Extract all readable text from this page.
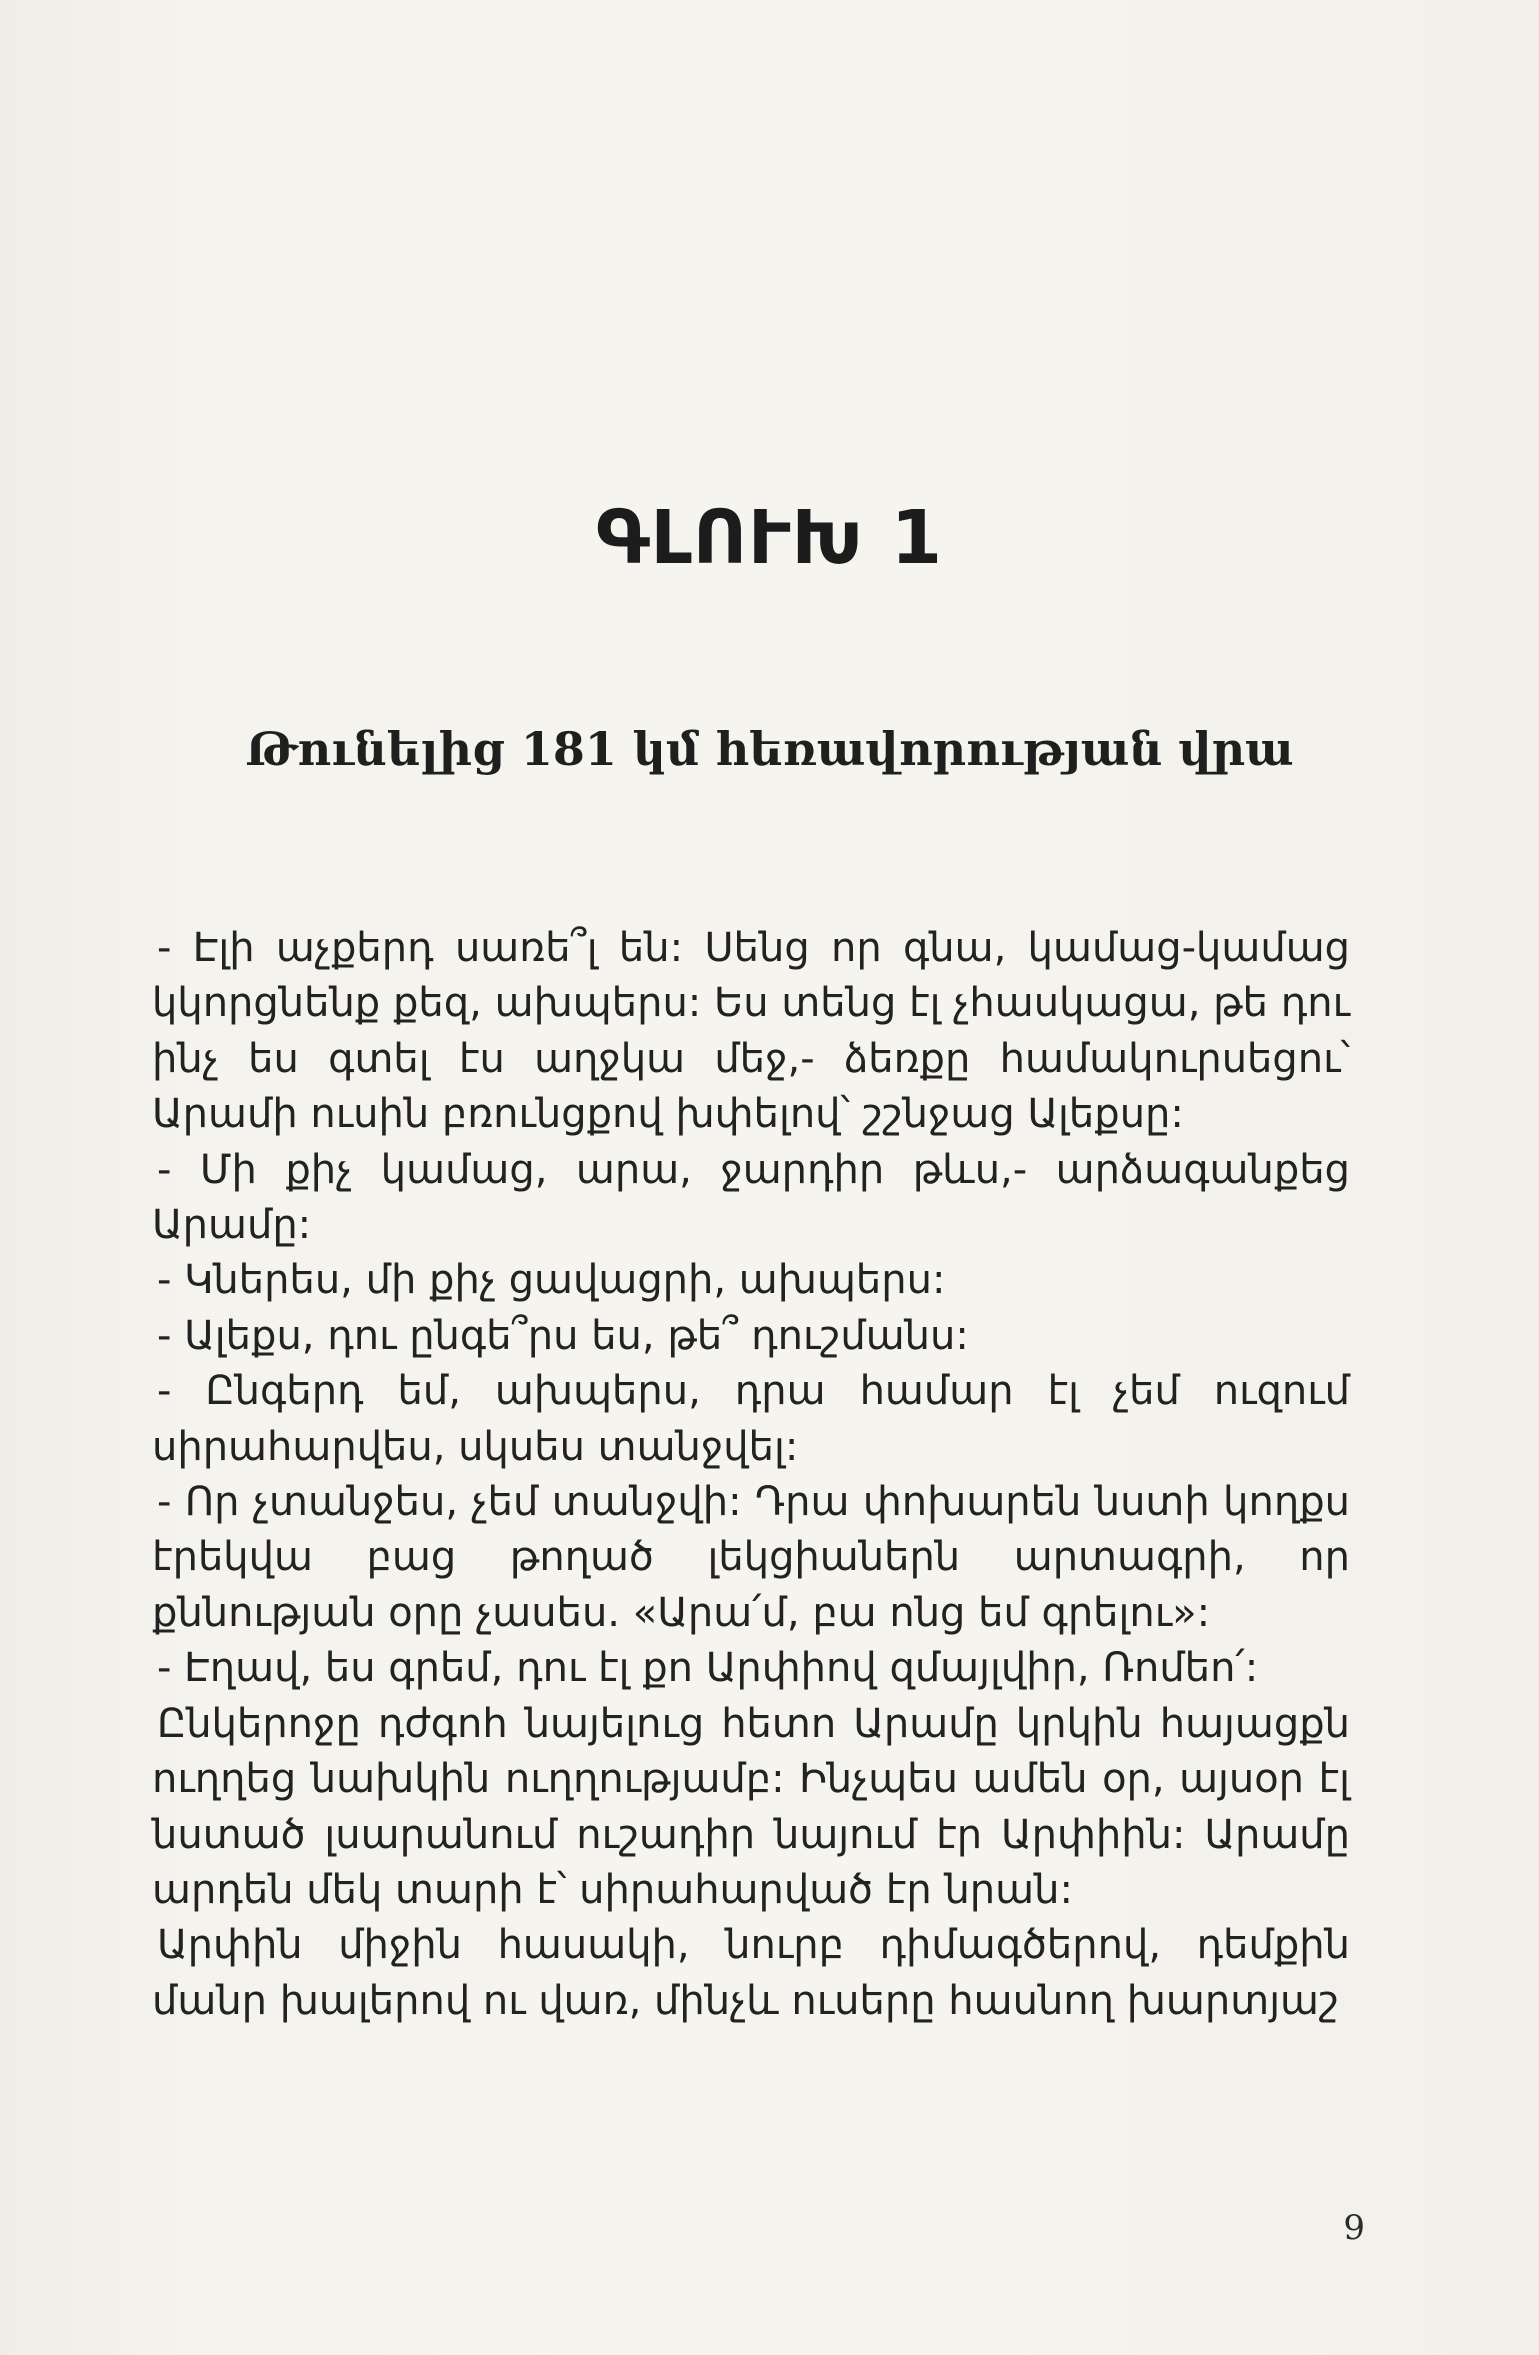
ԳԼՈՒԽ 1
Թունելից 181 կմ հեռավորության վրա

- Էլի աչքերդ սառե՞լ են: Սենց որ գնա, կամաց-կամաց կկորցնենք քեզ, ախպերս: Ես տենց էլ չհասկացա, թե դու ինչ ես գտել էս աղջկա մեջ,- ձեռքը համակուրսեցու՝ Արամի ուսին բռունցքով խփելով՝ շշնջաց Ալեքսը:

- Մի քիչ կամաց, արա, ջարդիր թևս,- արձագանքեց Արամը:

- Կներես, մի քիչ ցավացրի, ախպերս:

- Ալեքս, դու ընգե՞րս ես, թե՞ դուշմանս:

- Ընգերդ եմ, ախպերս, դրա համար էլ չեմ ուզում սիրահարվես, սկսես տանջվել:

- Որ չտանջես, չեմ տանջվի: Դրա փոխարեն նստի կողքս էրեկվա բաց թողած լեկցիաներն արտագրի, որ քննության օրը չասես. «Արա՛մ, բա ոնց եմ գրելու»:

- Էղավ, ես գրեմ, դու էլ քո Արփիով զմայլվիր, Ռոմեո՛:

Ընկերոջը դժգոհ նայելուց հետո Արամը կրկին հայացքն ուղղեց նախկին ուղղությամբ: Ինչպես ամեն օր, այսօր էլ նստած լսարանում ուշադիր նայում էր Արփիին: Արամը արդեն մեկ տարի է՝ սիրահարված էր նրան:

Արփին միջին հասակի, նուրբ դիմագծերով, դեմքին մանր խալերով ու վառ, մինչև ուսերը հասնող խարտյաշ

9
